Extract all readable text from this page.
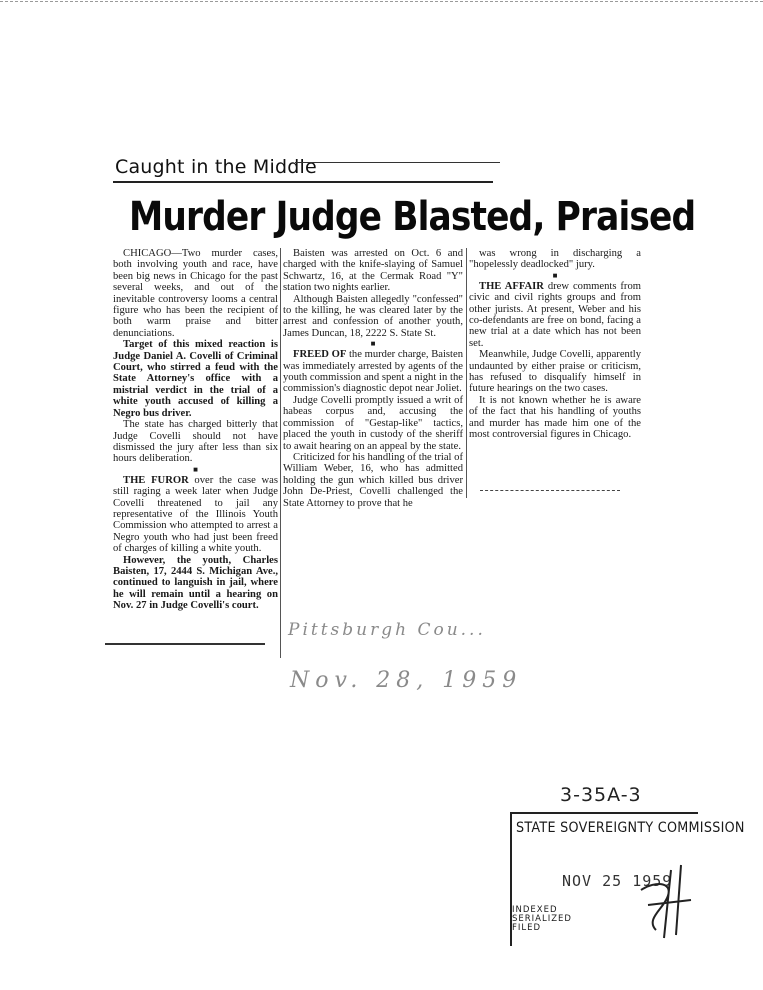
Caught in the Middle
Murder Judge Blasted, Praised

CHICAGO—Two murder cases, both involving youth and race, have been big news in Chicago for the past several weeks, and out of the inevitable controversy looms a central figure who has been the recipient of both warm praise and bitter denunciations.

Target of this mixed reaction is Judge Daniel A. Covelli of Criminal Court, who stirred a feud with the State Attorney's office with a mistrial verdict in the trial of a white youth accused of killing a Negro bus driver.

The state has charged bitterly that Judge Covelli should not have dismissed the jury after less than six hours deliberation.

■

THE FUROR over the case was still raging a week later when Judge Covelli threatened to jail any representative of the Illinois Youth Commission who attempted to arrest a Negro youth who had just been freed of charges of killing a white youth.

However, the youth, Charles Baisten, 17, 2444 S. Michigan Ave., continued to languish in jail, where he will remain until a hearing on Nov. 27 in Judge Covelli's court.

Baisten was arrested on Oct. 6 and charged with the knife-slaying of Samuel Schwartz, 16, at the Cermak Road "Y" station two nights earlier.

Although Baisten allegedly "confessed" to the killing, he was cleared later by the arrest and confession of another youth, James Duncan, 18, 2222 S. State St.

■

FREED OF the murder charge, Baisten was immediately arrested by agents of the youth commission and spent a night in the commission's diagnostic depot near Joliet.

Judge Covelli promptly issued a writ of habeas corpus and, accusing the commission of "Gestap-like" tactics, placed the youth in custody of the sheriff to await hearing on an appeal by the state.

Criticized for his handling of the trial of William Weber, 16, who has admitted holding the gun which killed bus driver John De-Priest, Covelli challenged the State Attorney to prove that he

was wrong in discharging a "hopelessly deadlocked" jury.

■

THE AFFAIR drew comments from civic and civil rights groups and from other jurists. At present, Weber and his co-defendants are free on bond, facing a new trial at a date which has not been set.

Meanwhile, Judge Covelli, apparently undaunted by either praise or criticism, has refused to disqualify himself in future hearings on the two cases.

It is not known whether he is aware of the fact that his handling of youths and murder has made him one of the most controversial figures in Chicago.

Pittsburgh Cou...
Nov. 28, 1959
3-35A-3
STATE SOVEREIGNTY COMMISSION
NOV 25 1959
INDEXED
SERIALIZED
FILED
